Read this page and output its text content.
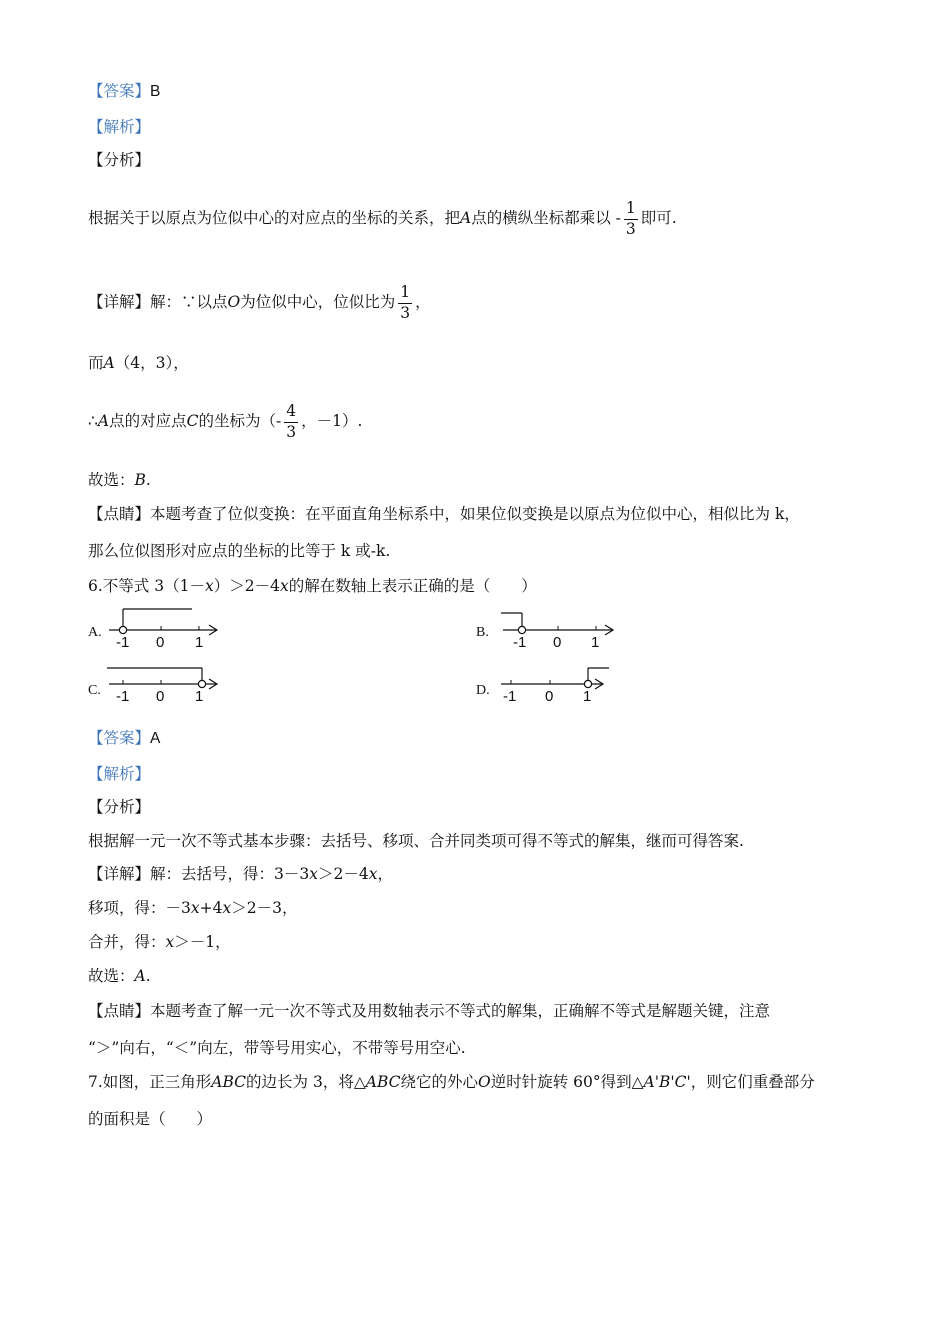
【答案】B
【解析】
【分析】
根据关于以原点为位似中心的对应点的坐标的关系，把A点的横纵坐标都乘以 - $\frac{1}{3}$ 即可.
【详解】解：∵以点O为位似中心，位似比为 $\frac{1}{3}$ ，
而A（4，3），
∴A点的对应点C的坐标为（- $\frac{4}{3}$ ，－1）.
故选：B.
【点睛】本题考查了位似变换：在平面直角坐标系中，如果位似变换是以原点为位似中心，相似比为 k，
那么位似图形对应点的坐标的比等于 k 或-k.
6.不等式 3（1－x）＞2－4x的解在数轴上表示正确的是（　　）
A.
-1 0 1
B.
-1 0 1
C. -1 0 1	D. -1 0 1
【答案】A
【解析】
【分析】
根据解一元一次不等式基本步骤：去括号、移项、合并同类项可得不等式的解集，继而可得答案.
【详解】解：去括号，得：3－3x＞2－4x，
移项，得：－3x+4x＞2－3，
合并，得：x＞－1，
故选：A.
【点睛】本题考查了解一元一次不等式及用数轴表示不等式的解集，正确解不等式是解题关键，注意
“＞”向右，“＜”向左，带等号用实心，不带等号用空心.
7.如图，正三角形ABC的边长为 3，将△ABC绕它的外心O逆时针旋转 60°得到△A'B'C'，则它们重叠部分
的面积是（　　）
